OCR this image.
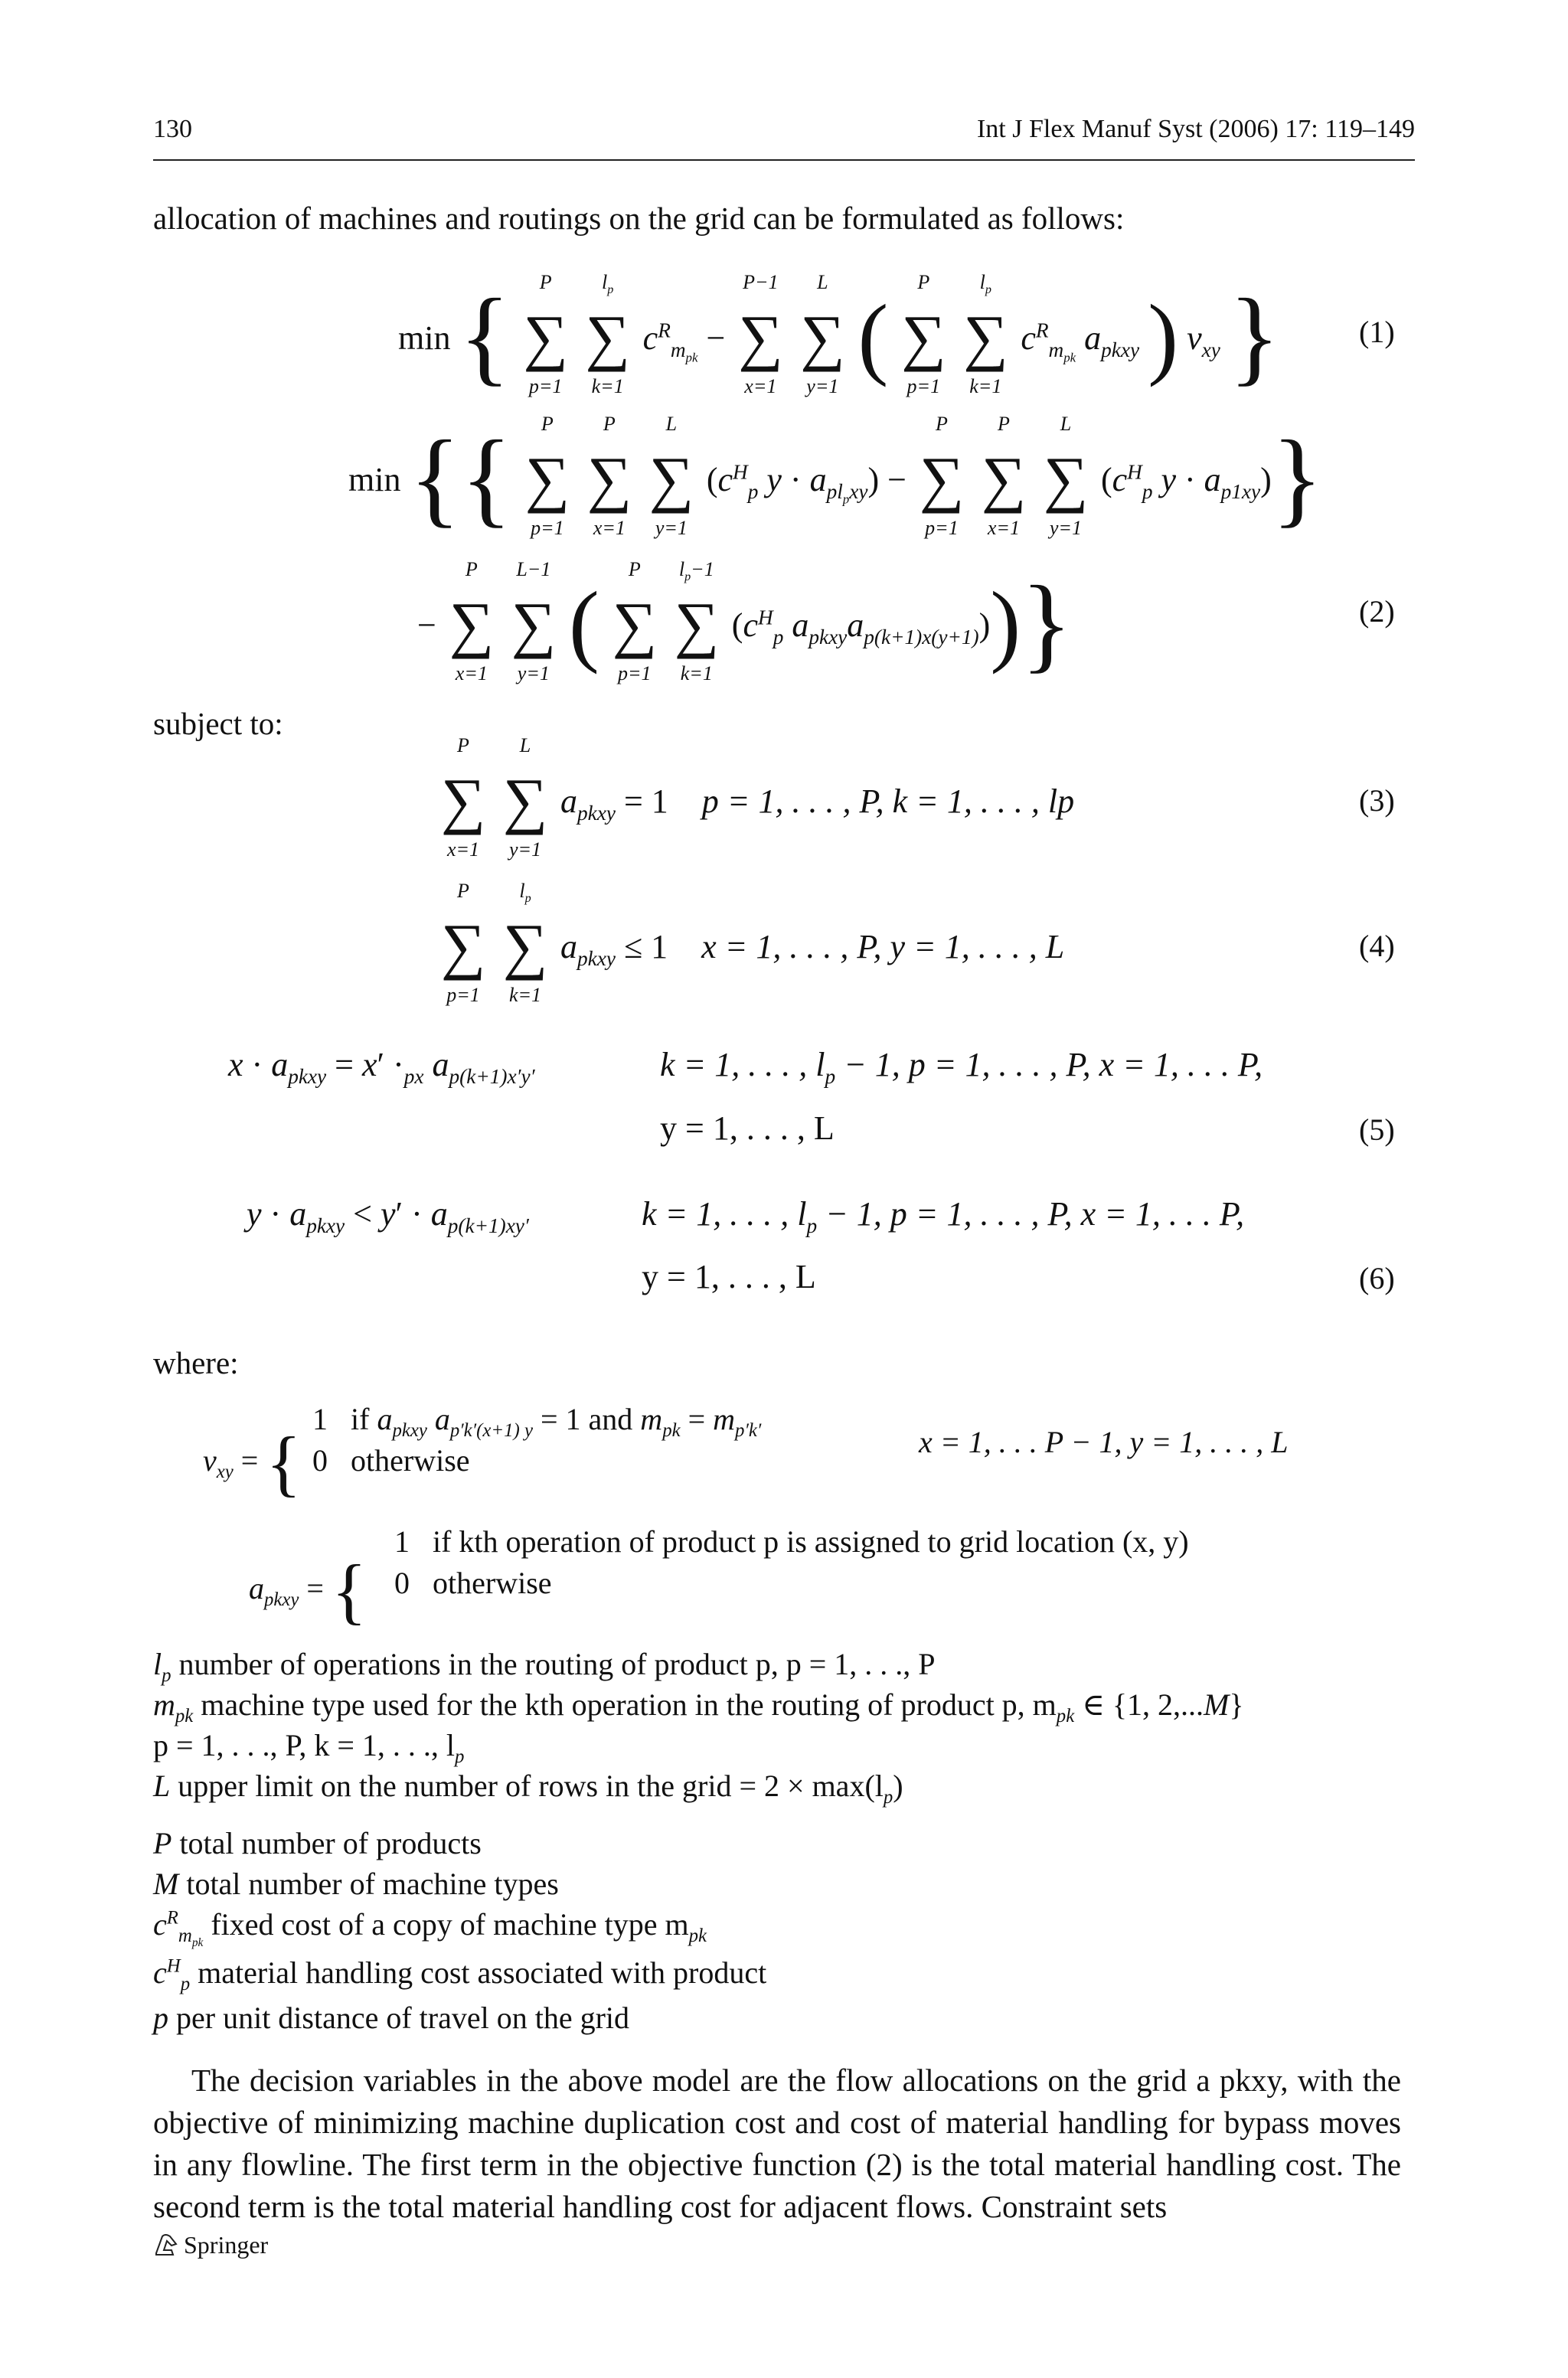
130	Int J Flex Manuf Syst (2006) 17: 119–149
allocation of machines and routings on the grid can be formulated as follows:
min {	P
∑
p=1

$l_p$
∑
k=1
$c^R_{m_{pk}}$ −
P−1
∑
x=1

L
∑
y=1 (
P
∑
p=1

$l_p$
∑
k=1
$c^R_{m_{pk}}$ $a_{pkxy}$ ) $v_{xy}$ }	(1)
min {{	P
∑
p=1

P
∑
x=1

L
∑
y=1
($c^H_p$ $y \cdot a_{pl_pxy}$) −
P
∑
p=1

P
∑
x=1

L
∑
y=1
($c^H_p$ $y \cdot a_{p1xy}$)}
−
P
∑
x=1

L−1
∑
y=1 (
P
∑
p=1

$l_p-1$
∑
k=1
($c^H_p$ $a_{pkxy}a_{p(k+1)x(y+1)}$))}	(2)
subject to:
P
∑
x=1

L
∑
y=1
$a_{pkxy} = 1$    p = 1, . . . , P, k = 1, . . . , lp	(3)
P
∑
p=1

$l_p$
∑
k=1
$a_{pkxy} \le 1$    x = 1, . . . , P, y = 1, . . . , L	(4)
$x \cdot a_{pkxy} = x' \cdot_{px}$ $a_{p(k+1)x'y'}$	k = 1, . . . , $l_p - 1$, p = 1, . . . , P, x = 1, . . . P,
y = 1, . . . , L	(5)
$y \cdot a_{pkxy} < y' \cdot a_{p(k+1)xy'}$	k = 1, . . . , $l_p - 1$, p = 1, . . . , P, x = 1, . . . P,
y = 1, . . . , L	(6)
where:
$v_{xy}$ = {
1 if $a_{pkxy}$ $a_{p'k'(x+1) y} = 1$ and $m_{pk} = m_{p'k'}$
0 otherwise
x = 1, . . . P − 1, y = 1, . . . , L
$a_{pkxy}$ = {
1 if kth operation of product p is assigned to grid location (x, y)
0 otherwise
$l_p$ number of operations in the routing of product p, p = 1, . . ., P
$m_{pk}$ machine type used for the kth operation in the routing of product p, $m_{pk}$ ∈ {1, 2,...M}
p = 1, . . ., P, k = 1, . . ., $l_p$
L upper limit on the number of rows in the grid = $2 \times \max(l_p)$
P total number of products
M total number of machine types
$c^R_{m_{pk}}$ fixed cost of a copy of machine type $m_{pk}$
$c^H_p$ material handling cost associated with product
p per unit distance of travel on the grid
The decision variables in the above model are the flow allocations on the grid a pkxy, with the objective of minimizing machine duplication cost and cost of material handling for bypass moves in any flowline. The first term in the objective function (2) is the total material handling cost. The second term is the total material handling cost for adjacent flows. Constraint sets
Springer
